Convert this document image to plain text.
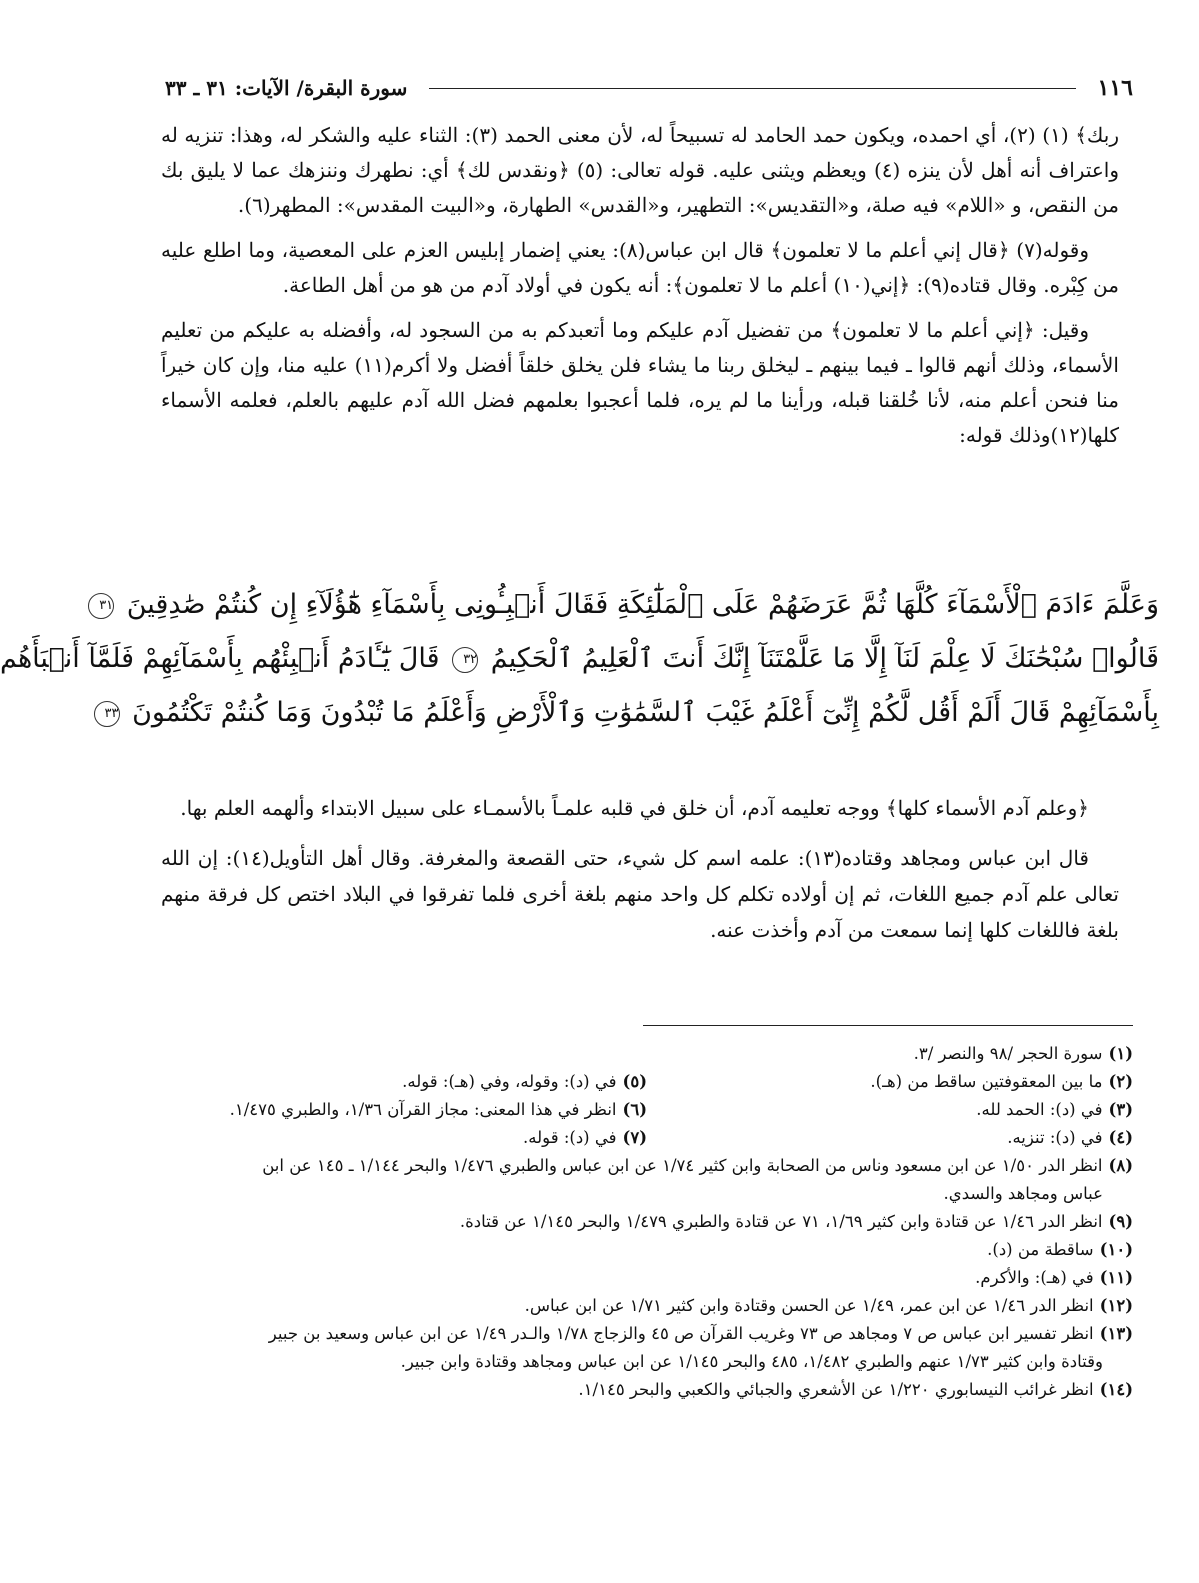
١١٦
سورة البقرة/ الآيات: ٣١ ـ ٣٣

ربك﴾ ‌(١) (٢)، أي احمده، ويكون حمد الحامد له تسبيحاً له، لأن معنى الحمد (٣): الثناء عليه والشكر له، وهذا: تنزيه له واعتراف أنه أهل لأن ينزه (٤) ويعظم ويثنى عليه. قوله تعالى: (٥) ﴿ونقدس لك﴾ أي: نطهرك وننزهك عما لا يليق بك من النقص، و «اللام» فيه صلة، و«التقديس»: التطهير، و«القدس» الطهارة، و«البيت المقدس»: المطهر(٦).

وقوله(٧) ﴿قال إني أعلم ما لا تعلمون﴾ قال ابن عباس(٨): يعني إضمار إبليس العزم على المعصية، وما اطلع عليه من كِبْره. وقال قتاده(٩): ﴿إني(١٠) أعلم ما لا تعلمون﴾: أنه يكون في أولاد آدم من هو من أهل الطاعة.

وقيل: ﴿إني أعلم ما لا تعلمون﴾ من تفضيل آدم عليكم وما أتعبدكم به من السجود له، وأفضله به عليكم من تعليم الأسماء، وذلك أنهم قالوا ـ فيما بينهم ـ ليخلق ربنا ما يشاء فلن يخلق خلقاً أفضل ولا أكرم(١١) عليه منا، وإن كان خيراً منا فنحن أعلم منه، لأنا خُلقنا قبله، ورأينا ما لم يره، فلما أعجبوا بعلمهم فضل الله آدم عليهم بالعلم، فعلمه الأسماء كلها(١٢)وذلك قوله:

وَعَلَّمَ ءَادَمَ ٱلْأَسْمَآءَ كُلَّهَا ثُمَّ عَرَضَهُمْ عَلَى ٱلْمَلَٰٓئِكَةِ فَقَالَ أَنۢبِـُٔونِى بِأَسْمَآءِ هَٰٓؤُلَآءِ إِن كُنتُمْ صَٰدِقِينَ ٣١
قَالُوا۟ سُبْحَٰنَكَ لَا عِلْمَ لَنَآ إِلَّا مَا عَلَّمْتَنَآ إِنَّكَ أَنتَ ٱلْعَلِيمُ ٱلْحَكِيمُ ٣٢ قَالَ يَٰٓـَٔادَمُ أَنۢبِئْهُم بِأَسْمَآئِهِمْ فَلَمَّآ أَنۢبَأَهُم
بِأَسْمَآئِهِمْ قَالَ أَلَمْ أَقُل لَّكُمْ إِنِّىٓ أَعْلَمُ غَيْبَ ٱلسَّمَٰوَٰتِ وَٱلْأَرْضِ وَأَعْلَمُ مَا تُبْدُونَ وَمَا كُنتُمْ تَكْتُمُونَ ٣٣

﴿وعلم آدم الأسماء كلها﴾ ووجه تعليمه آدم، أن خلق في قلبه علمـاً بالأسمـاء على سبيل الابتداء وألهمه العلم بها.

قال ابن عباس ومجاهد وقتاده(١٣): علمه اسم كل شيء، حتى القصعة والمغرفة. وقال أهل التأويل(١٤): إن الله تعالى علم آدم جميع اللغات، ثم إن أولاده تكلم كل واحد منهم بلغة أخرى فلما تفرقوا في البلاد اختص كل فرقة منهم بلغة فاللغات كلها إنما سمعت من آدم وأخذت عنه.

(١)سورة الحجر /٩٨ والنصر /٣.

(٢)ما بين المعقوفتين ساقط من (هـ).

(٥)في (د): وقوله، وفي (هـ): قوله.

(٣)في (د): الحمد لله.

(٦)انظر في هذا المعنى: مجاز القرآن ١/٣٦، والطبري ١/٤٧٥.

(٤)في (د): تنزيه.

(٧)في (د): قوله.

(٨)انظر الدر ١/٥٠ عن ابن مسعود وناس من الصحابة وابن كثير ١/٧٤ عن ابن عباس والطبري ١/٤٧٦ والبحر ١/١٤٤ ـ ١٤٥ عن ابن

عباس ومجاهد والسدي.

(٩)انظر الدر ١/٤٦ عن قتادة وابن كثير ١/٦٩، ٧١ عن قتادة والطبري ١/٤٧٩ والبحر ١/١٤٥ عن قتادة.

(١٠)ساقطة من (د).

(١١)في (هـ): والأكرم.

(١٢)انظر الدر ١/٤٦ عن ابن عمر، ١/٤٩ عن الحسن وقتادة وابن كثير ١/٧١ عن ابن عباس.

(١٣)انظر تفسير ابن عباس ص ٧ ومجاهد ص ٧٣ وغريب القرآن ص ٤٥ والزجاج ١/٧٨ والـدر ١/٤٩ عن ابن عباس وسعيد بن جبير

وقتادة وابن كثير ١/٧٣ عنهم والطبري ١/٤٨٢، ٤٨٥ والبحر ١/١٤٥ عن ابن عباس ومجاهد وقتادة وابن جبير.

(١٤)انظر غرائب النيسابوري ١/٢٢٠ عن الأشعري والجبائي والكعبي والبحر ١/١٤٥.
